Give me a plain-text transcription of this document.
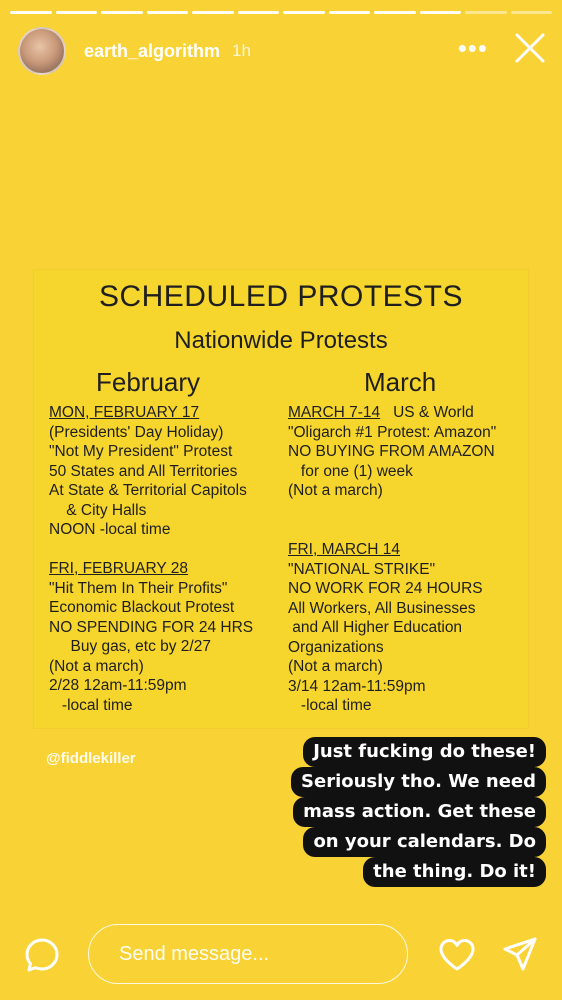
earth_algorithm 1h	•••
SCHEDULED PROTESTS
Nationwide Protests
February	March
MON, FEBRUARY 17
(Presidents' Day Holiday)
"Not My President" Protest
50 States and All Territories
At State & Territorial Capitols
& City Halls
NOON -local time
FRI, FEBRUARY 28
"Hit Them In Their Profits"
Economic Blackout Protest
NO SPENDING FOR 24 HRS
Buy gas, etc by 2/27
(Not a march)
2/28 12am-11:59pm
-local time
MARCH 7-14   US & World
"Oligarch #1 Protest: Amazon"
NO BUYING FROM AMAZON
for one (1) week
(Not a march)
FRI, MARCH 14
"NATIONAL STRIKE"
NO WORK FOR 24 HOURS
All Workers, All Businesses
and All Higher Education
Organizations
(Not a march)
3/14 12am-11:59pm
-local time
@fiddlekiller	Just fucking do these!
Seriously tho. We need
mass action. Get these
on your calendars. Do
the thing. Do it!
Send message...
